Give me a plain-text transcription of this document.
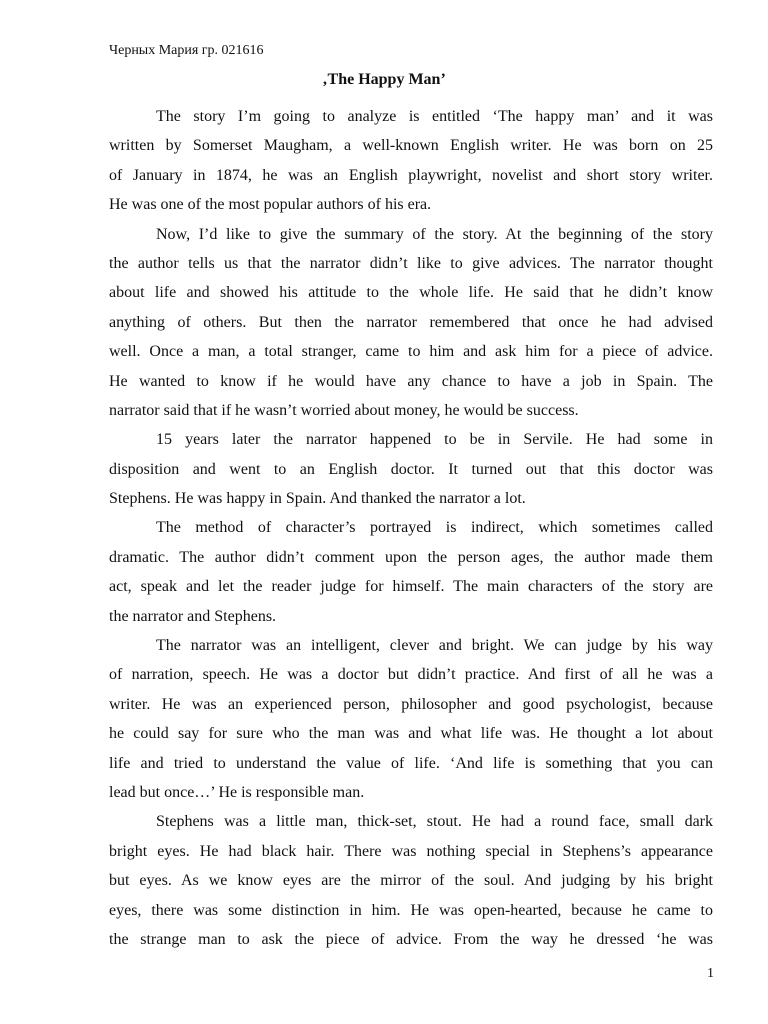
Черных Мария гр. 021616
‚The Happy Man’
The story I’m going to analyze is entitled ‘The happy man’ and it was
written by Somerset Maugham, a well-known English writer. He was born on 25
of January in 1874, he was an English playwright, novelist and short story writer.
He was one of the most popular authors of his era.
Now, I’d like to give the summary of the story. At the beginning of the story
the author tells us that the narrator didn’t like to give advices. The narrator thought
about life and showed his attitude to the whole life. He said that he didn’t know
anything of others. But then the narrator remembered that once he had advised
well. Once a man, a total stranger, came to him and ask him for a piece of advice.
He wanted to know if he would have any chance to have a job in Spain. The
narrator said that if he wasn’t worried about money, he would be success.
15 years later the narrator happened to be in Servile. He had some in
disposition and went to an English doctor. It turned out that this doctor was
Stephens. He was happy in Spain. And thanked the narrator a lot.
The method of character’s portrayed is indirect, which sometimes called
dramatic. The author didn’t comment upon the person ages, the author made them
act, speak and let the reader judge for himself. The main characters of the story are
the narrator and Stephens.
The narrator was an intelligent, clever and bright. We can judge by his way
of narration, speech. He was a doctor but didn’t practice. And first of all he was a
writer. He was an experienced person, philosopher and good psychologist, because
he could say for sure who the man was and what life was. He thought a lot about
life and tried to understand the value of life. ‘And life is something that you can
lead but once…’ He is responsible man.
Stephens was a little man, thick-set, stout. He had a round face, small dark
bright eyes. He had black hair. There was nothing special in Stephens’s appearance
but eyes. As we know eyes are the mirror of the soul. And judging by his bright
eyes, there was some distinction in him. He was open-hearted, because he came to
the strange man to ask the piece of advice. From the way he dressed ‘he was
1
